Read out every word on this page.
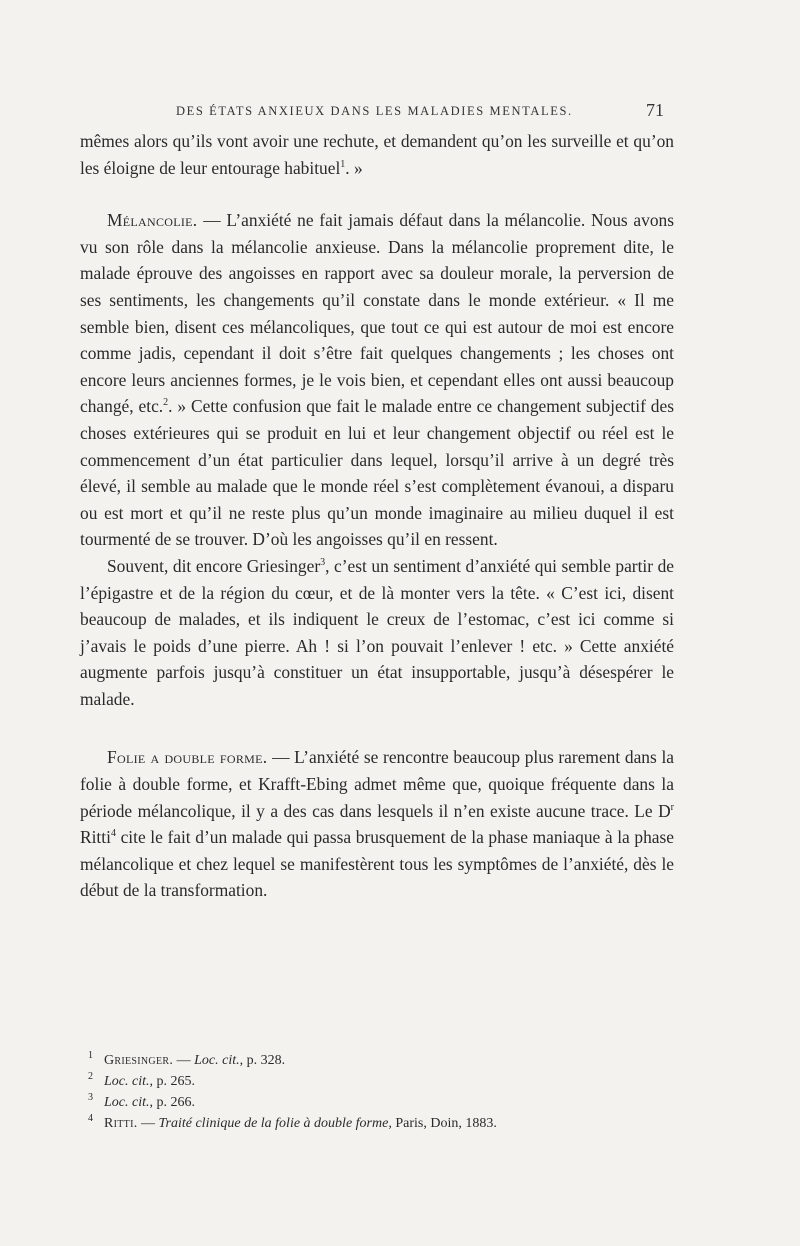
DES ÉTATS ANXIEUX DANS LES MALADIES MENTALES.	71

mêmes alors qu’ils vont avoir une rechute, et demandent qu’on les surveille et qu’on les éloigne de leur entourage habituel$^1$. »

Mélancolie. — L’anxiété ne fait jamais défaut dans la mélancolie. Nous avons vu son rôle dans la mélancolie anxieuse. Dans la mélancolie proprement dite, le malade éprouve des angoisses en rapport avec sa douleur morale, la perversion de ses sentiments, les changements qu’il constate dans le monde extérieur. « Il me semble bien, disent ces mélancoliques, que tout ce qui est autour de moi est encore comme jadis, cependant il doit s’être fait quelques changements ; les choses ont encore leurs anciennes formes, je le vois bien, et cependant elles ont aussi beaucoup changé, etc.$^2$. » Cette confusion que fait le malade entre ce changement subjectif des choses extérieures qui se produit en lui et leur changement objectif ou réel est le commencement d’un état particulier dans lequel, lorsqu’il arrive à un degré très élevé, il semble au malade que le monde réel s’est complètement évanoui, a disparu ou est mort et qu’il ne reste plus qu’un monde imaginaire au milieu duquel il est tourmenté de se trouver. D’où les angoisses qu’il en ressent.

Souvent, dit encore Griesinger$^3$, c’est un sentiment d’anxiété qui semble partir de l’épigastre et de la région du cœur, et de là monter vers la tête. « C’est ici, disent beaucoup de malades, et ils indiquent le creux de l’estomac, c’est ici comme si j’avais le poids d’une pierre. Ah ! si l’on pouvait l’enlever ! etc. » Cette anxiété augmente parfois jusqu’à constituer un état insupportable, jusqu’à désespérer le malade.

Folie a double forme. — L’anxiété se rencontre beaucoup plus rarement dans la folie à double forme, et Krafft-Ebing admet même que, quoique fréquente dans la période mélancolique, il y a des cas dans lesquels il n’en existe aucune trace. Le $D^r$ Ritti$^4$ cite le fait d’un malade qui passa brusquement de la phase maniaque à la phase mélancolique et chez lequel se manifestèrent tous les symptômes de l’anxiété, dès le début de la transformation.

1 Griesinger. — Loc. cit., p. 328.

2 Loc. cit., p. 265.

3 Loc. cit., p. 266.

4 Ritti. — Traité clinique de la folie à double forme, Paris, Doin, 1883.
